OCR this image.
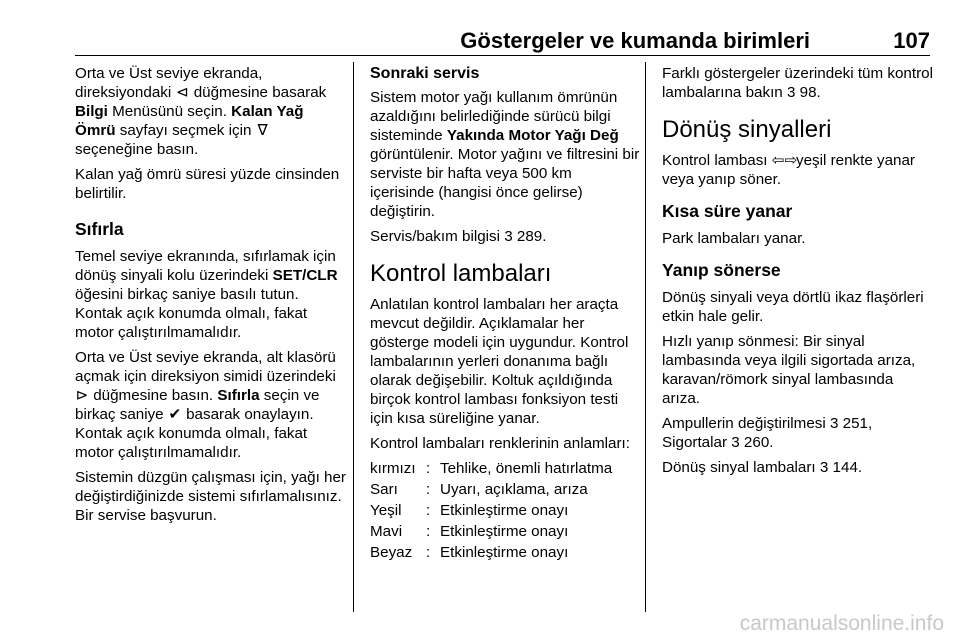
Göstergeler ve kumanda birimleri	107

Orta ve Üst seviye ekranda, direksiyondaki ⊲ düğmesine basarak Bilgi Menüsünü seçin. Kalan Yağ Ömrü sayfayı seçmek için ∇ seçeneğine basın.

Kalan yağ ömrü süresi yüzde cinsinden belirtilir.

Sıfırla

Temel seviye ekranında, sıfırlamak için dönüş sinyali kolu üzerindeki SET/CLR öğesini birkaç saniye basılı tutun. Kontak açık konumda olmalı, fakat motor çalıştırılmamalıdır.

Orta ve Üst seviye ekranda, alt klasörü açmak için direksiyon simidi üzerindeki ⊳ düğmesine basın. Sıfırla seçin ve birkaç saniye ✔ basarak onaylayın. Kontak açık konumda olmalı, fakat motor çalıştırılmamalıdır.

Sistemin düzgün çalışması için, yağı her değiştirdiğinizde sistemi sıfırlamalısınız. Bir servise başvurun.

Sonraki servis

Sistem motor yağı kullanım ömrünün azaldığını belirlediğinde sürücü bilgi sisteminde Yakında Motor Yağı Değ görüntülenir. Motor yağını ve filtresini bir serviste bir hafta veya 500 km içerisinde (hangisi önce gelirse) değiştirin.

Servis/bakım bilgisi 3 289.

Kontrol lambaları

Anlatılan kontrol lambaları her araçta mevcut değildir. Açıklamalar her gösterge modeli için uygundur. Kontrol lambalarının yerleri donanıma bağlı olarak değişebilir. Koltuk açıldığında birçok kontrol lambası fonksiyon testi için kısa süreliğine yanar.

Kontrol lambaları renklerinin anlamları:

kırmızı	:	Tehlike, önemli hatırlatma
Sarı	:	Uyarı, açıklama, arıza
Yeşil	:	Etkinleştirme onayı
Mavi	:	Etkinleştirme onayı
Beyaz	:	Etkinleştirme onayı

Farklı göstergeler üzerindeki tüm kontrol lambalarına bakın 3 98.

Dönüş sinyalleri

Kontrol lambası ⇦⇨ yeşil renkte yanar veya yanıp söner.

Kısa süre yanar

Park lambaları yanar.

Yanıp sönerse

Dönüş sinyali veya dörtlü ikaz flaşörleri etkin hale gelir.

Hızlı yanıp sönmesi: Bir sinyal lambasında veya ilgili sigortada arıza, karavan/römork sinyal lambasında arıza.

Ampullerin değiştirilmesi 3 251,
Sigortalar 3 260.

Dönüş sinyal lambaları 3 144.

carmanualsonline.info
